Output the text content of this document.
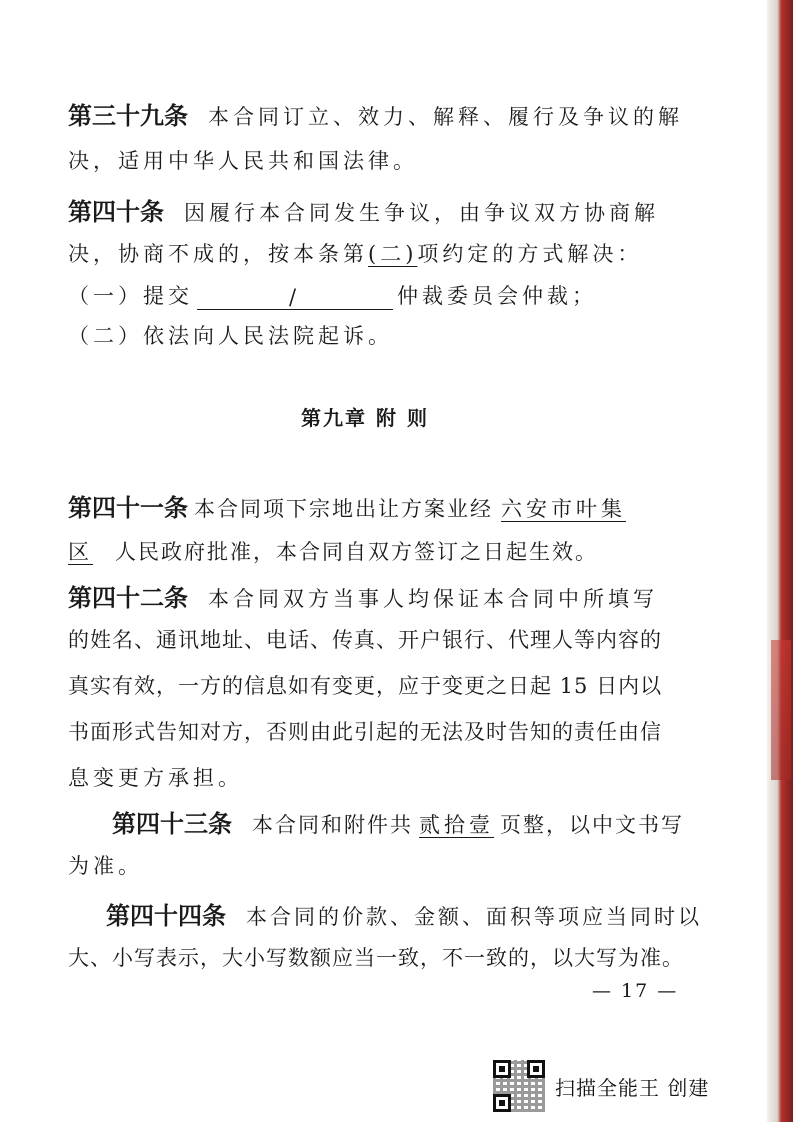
第三十九条 本合同订立、效力、解释、履行及争议的解
决，适用中华人民共和国法律。
第四十条 因履行本合同发生争议，由争议双方协商解
决，协商不成的，按本条第(二)项约定的方式解决：
（一）提交	/	仲裁委员会仲裁；
（二）依法向人民法院起诉。
第九章 附 则
第四十一条 本合同项下宗地出让方案业经 六安市叶集
区 人民政府批准，本合同自双方签订之日起生效。
第四十二条 本合同双方当事人均保证本合同中所填写
的姓名、通讯地址、电话、传真、开户银行、代理人等内容的
真实有效，一方的信息如有变更，应于变更之日起 15 日内以
书面形式告知对方，否则由此引起的无法及时告知的责任由信
息变更方承担。
第四十三条 本合同和附件共 贰拾壹 页整，以中文书写
为准。
第四十四条 本合同的价款、金额、面积等项应当同时以
大、小写表示，大小写数额应当一致，不一致的，以大写为准。
— 17 —
扫描全能王 创建
